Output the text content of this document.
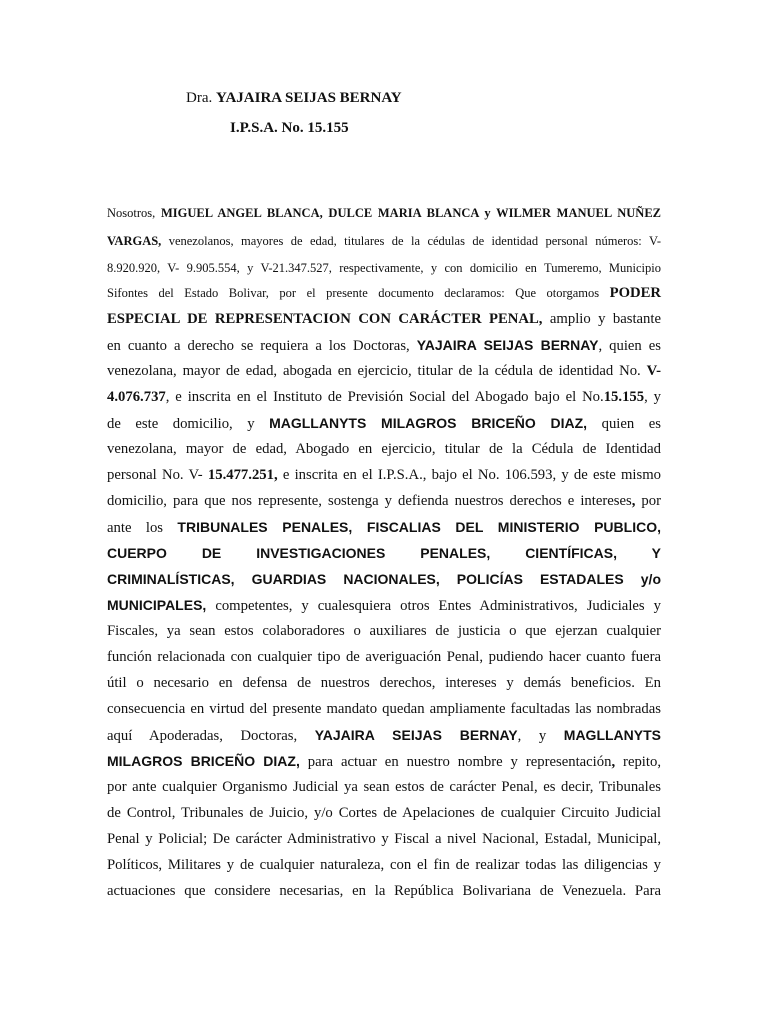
Dra. YAJAIRA SEIJAS BERNAY
I.P.S.A. No. 15.155
Nosotros, MIGUEL ANGEL BLANCA, DULCE MARIA BLANCA y WILMER MANUEL NUÑEZ
VARGAS, venezolanos, mayores de edad, titulares de la cédulas de identidad personal números: V-
8.920.920, V- 9.905.554, y V-21.347.527, respectivamente, y con domicilio en Tumeremo, Municipio
Sifontes del Estado Bolivar, por el presente documento declaramos: Que otorgamos PODER
ESPECIAL DE REPRESENTACION CON CARÁCTER PENAL, amplio y bastante
en cuanto a derecho se requiera a los Doctoras, YAJAIRA SEIJAS BERNAY, quien es
venezolana, mayor de edad, abogada en ejercicio, titular de la cédula de identidad No. V-
4.076.737, e inscrita en el Instituto de Previsión Social del Abogado bajo el No.15.155, y
de este domicilio, y MAGLLANYTS MILAGROS BRICEÑO DIAZ, quien es
venezolana, mayor de edad, Abogado en ejercicio, titular de la Cédula de Identidad
personal No. V- 15.477.251, e inscrita en el I.P.S.A., bajo el No. 106.593, y de este mismo
domicilio, para que nos represente, sostenga y defienda nuestros derechos e intereses, por
ante los TRIBUNALES PENALES, FISCALIAS DEL MINISTERIO PUBLICO,
CUERPO DE INVESTIGACIONES PENALES, CIENTÍFICAS, Y
CRIMINALÍSTICAS, GUARDIAS NACIONALES, POLICÍAS ESTADALES y/o
MUNICIPALES, competentes, y cualesquiera otros Entes Administrativos, Judiciales y
Fiscales, ya sean estos colaboradores o auxiliares de justicia o que ejerzan cualquier
función relacionada con cualquier tipo de averiguación Penal, pudiendo hacer cuanto fuera
útil o necesario en defensa de nuestros derechos, intereses y demás beneficios. En
consecuencia en virtud del presente mandato quedan ampliamente facultadas las nombradas
aquí Apoderadas, Doctoras, YAJAIRA SEIJAS BERNAY, y MAGLLANYTS
MILAGROS BRICEÑO DIAZ, para actuar en nuestro nombre y representación, repito,
por ante cualquier Organismo Judicial ya sean estos de carácter Penal, es decir, Tribunales
de Control, Tribunales de Juicio, y/o Cortes de Apelaciones de cualquier Circuito Judicial
Penal y Policial; De carácter Administrativo y Fiscal a nivel Nacional, Estadal, Municipal,
Políticos, Militares y de cualquier naturaleza, con el fin de realizar todas las diligencias y
actuaciones que considere necesarias, en la República Bolivariana de Venezuela. Para
